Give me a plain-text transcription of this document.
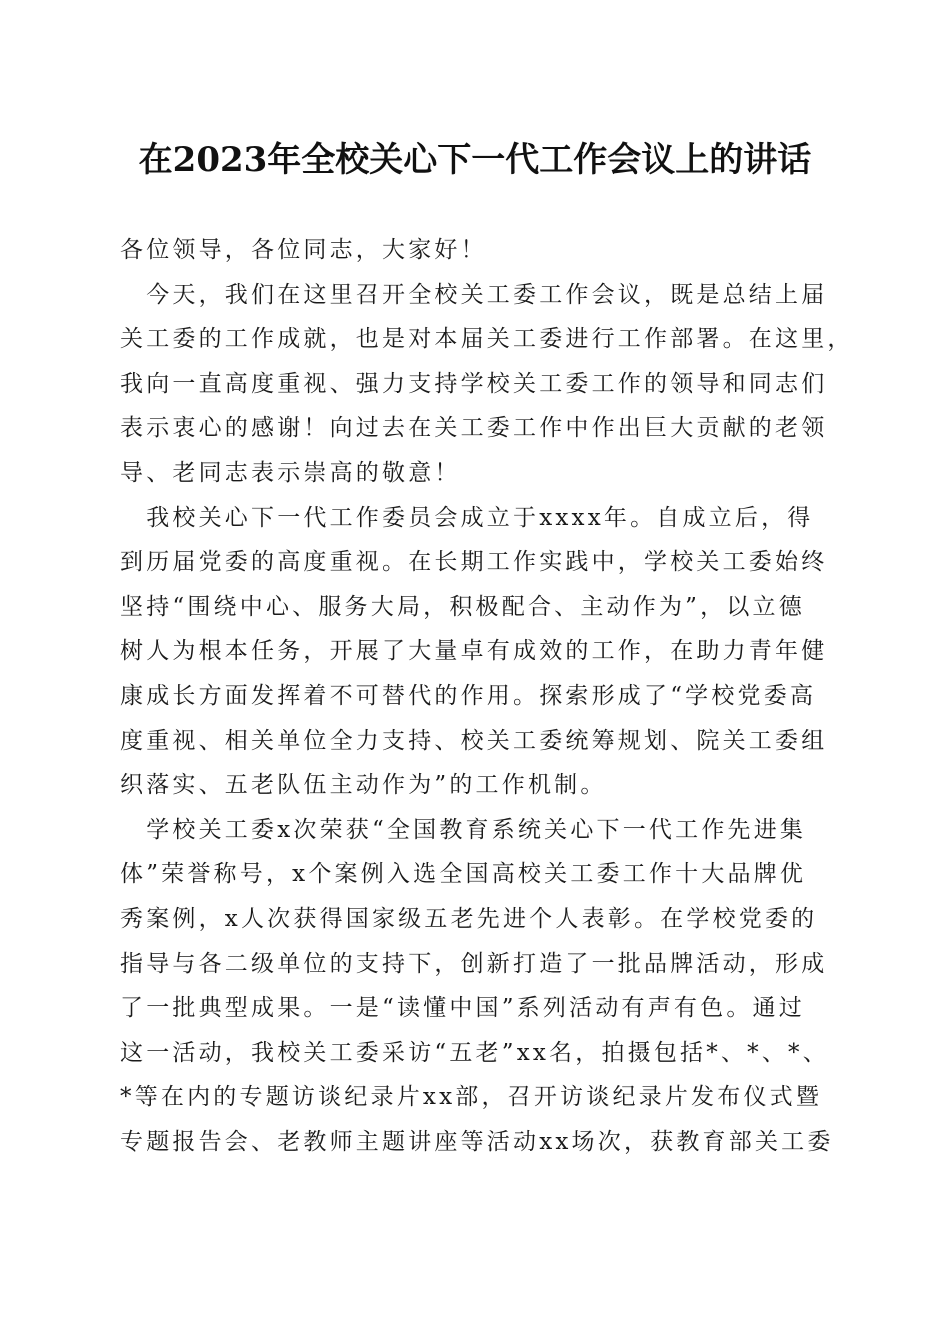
在2023年全校关心下一代工作会议上的讲话
各位领导，各位同志，大家好！
　今天，我们在这里召开全校关工委工作会议，既是总结上届
关工委的工作成就，也是对本届关工委进行工作部署。在这里，
我向一直高度重视、强力支持学校关工委工作的领导和同志们
表示衷心的感谢！向过去在关工委工作中作出巨大贡献的老领
导、老同志表示崇高的敬意！
　我校关心下一代工作委员会成立于xxxx年。自成立后，得
到历届党委的高度重视。在长期工作实践中，学校关工委始终
坚持“围绕中心、服务大局，积极配合、主动作为”，以立德
树人为根本任务，开展了大量卓有成效的工作，在助力青年健
康成长方面发挥着不可替代的作用。探索形成了“学校党委高
度重视、相关单位全力支持、校关工委统筹规划、院关工委组
织落实、五老队伍主动作为”的工作机制。
　学校关工委x次荣获“全国教育系统关心下一代工作先进集
体”荣誉称号，x个案例入选全国高校关工委工作十大品牌优
秀案例，x人次获得国家级五老先进个人表彰。在学校党委的
指导与各二级单位的支持下，创新打造了一批品牌活动，形成
了一批典型成果。一是“读懂中国”系列活动有声有色。通过
这一活动，我校关工委采访“五老”xx名，拍摄包括*、*、*、
*等在内的专题访谈纪录片xx部，召开访谈纪录片发布仪式暨
专题报告会、老教师主题讲座等活动xx场次，获教育部关工委
